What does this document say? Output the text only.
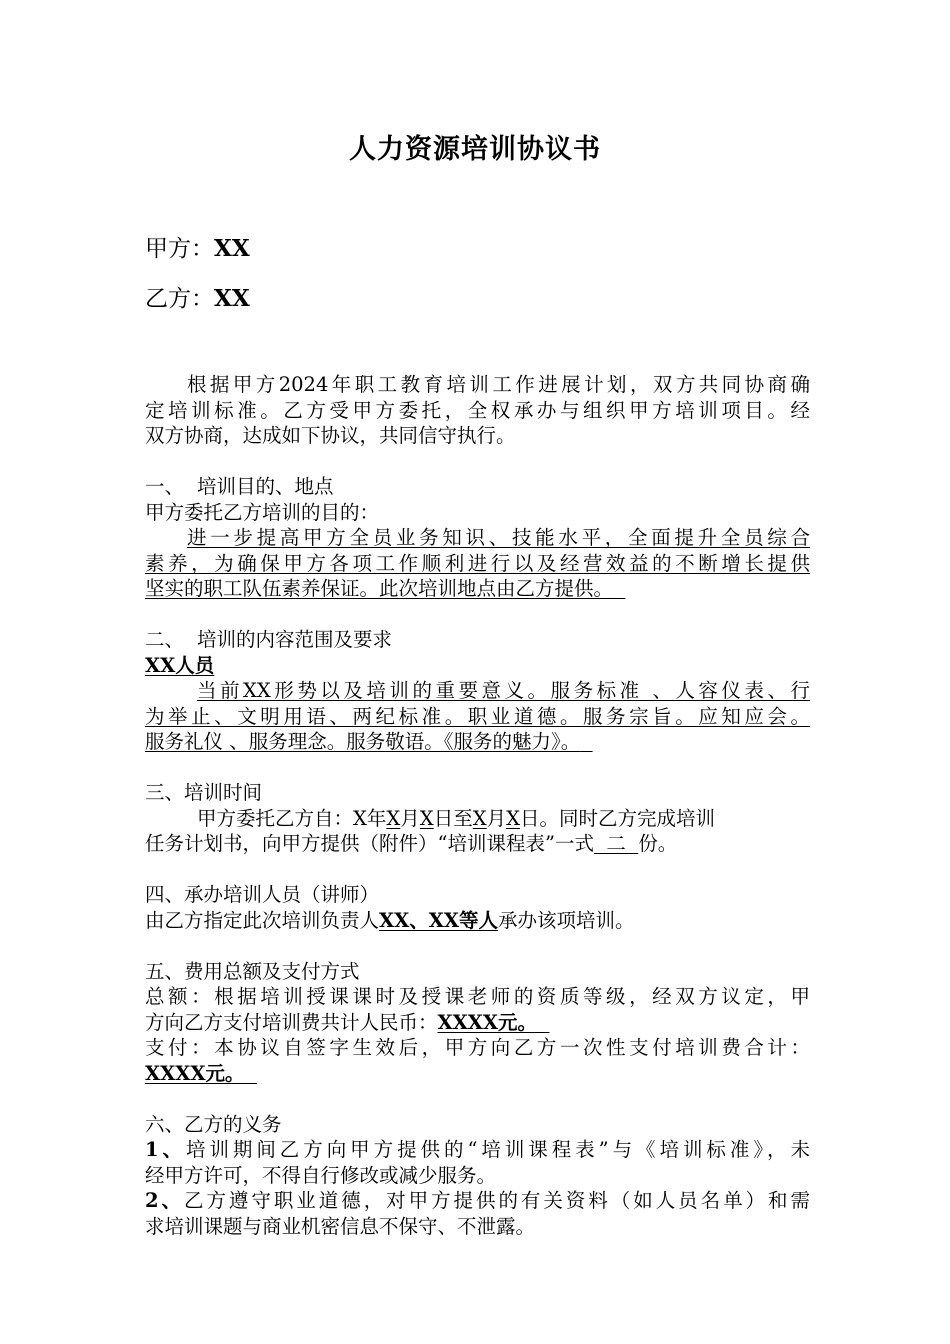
人力资源培训协议书
甲方：XX
乙方：XX
根据甲方2024年职工教育培训工作进展计划，双方共同协商确
定培训标准。乙方受甲方委托，全权承办与组织甲方培训项目。经
双方协商，达成如下协议，共同信守执行。
一、 培训目的、地点
甲方委托乙方培训的目的：
进一步提高甲方全员业务知识、技能水平，全面提升全员综合
素养，为确保甲方各项工作顺利进行以及经营效益的不断增长提供
坚实的职工队伍素养保证。此次培训地点由乙方提供。
二、 培训的内容范围及要求
XX人员
当前XX形势以及培训的重要意义。服务标准 、人容仪表、行
为举止、文明用语、两纪标准。职业道德。服务宗旨。应知应会。
服务礼仪 、服务理念。服务敬语。《服务的魅力》。
三、培训时间
甲方委托乙方自：X年X月X日至X月X日。同时乙方完成培训
任务计划书，向甲方提供（附件）“培训课程表”一式  二  份。
四、承办培训人员（讲师）
由乙方指定此次培训负责人XX、XX等人承办该项培训。
五、费用总额及支付方式
总额：根据培训授课课时及授课老师的资质等级，经双方议定，甲
方向乙方支付培训费共计人民币：XXXX元。
支付：本协议自签字生效后，甲方向乙方一次性支付培训费合计：
XXXX元。
六、乙方的义务
1、培训期间乙方向甲方提供的“培训课程表”与《培训标准》，未
经甲方许可，不得自行修改或减少服务。
2、乙方遵守职业道德，对甲方提供的有关资料（如人员名单）和需
求培训课题与商业机密信息不保守、不泄露。
